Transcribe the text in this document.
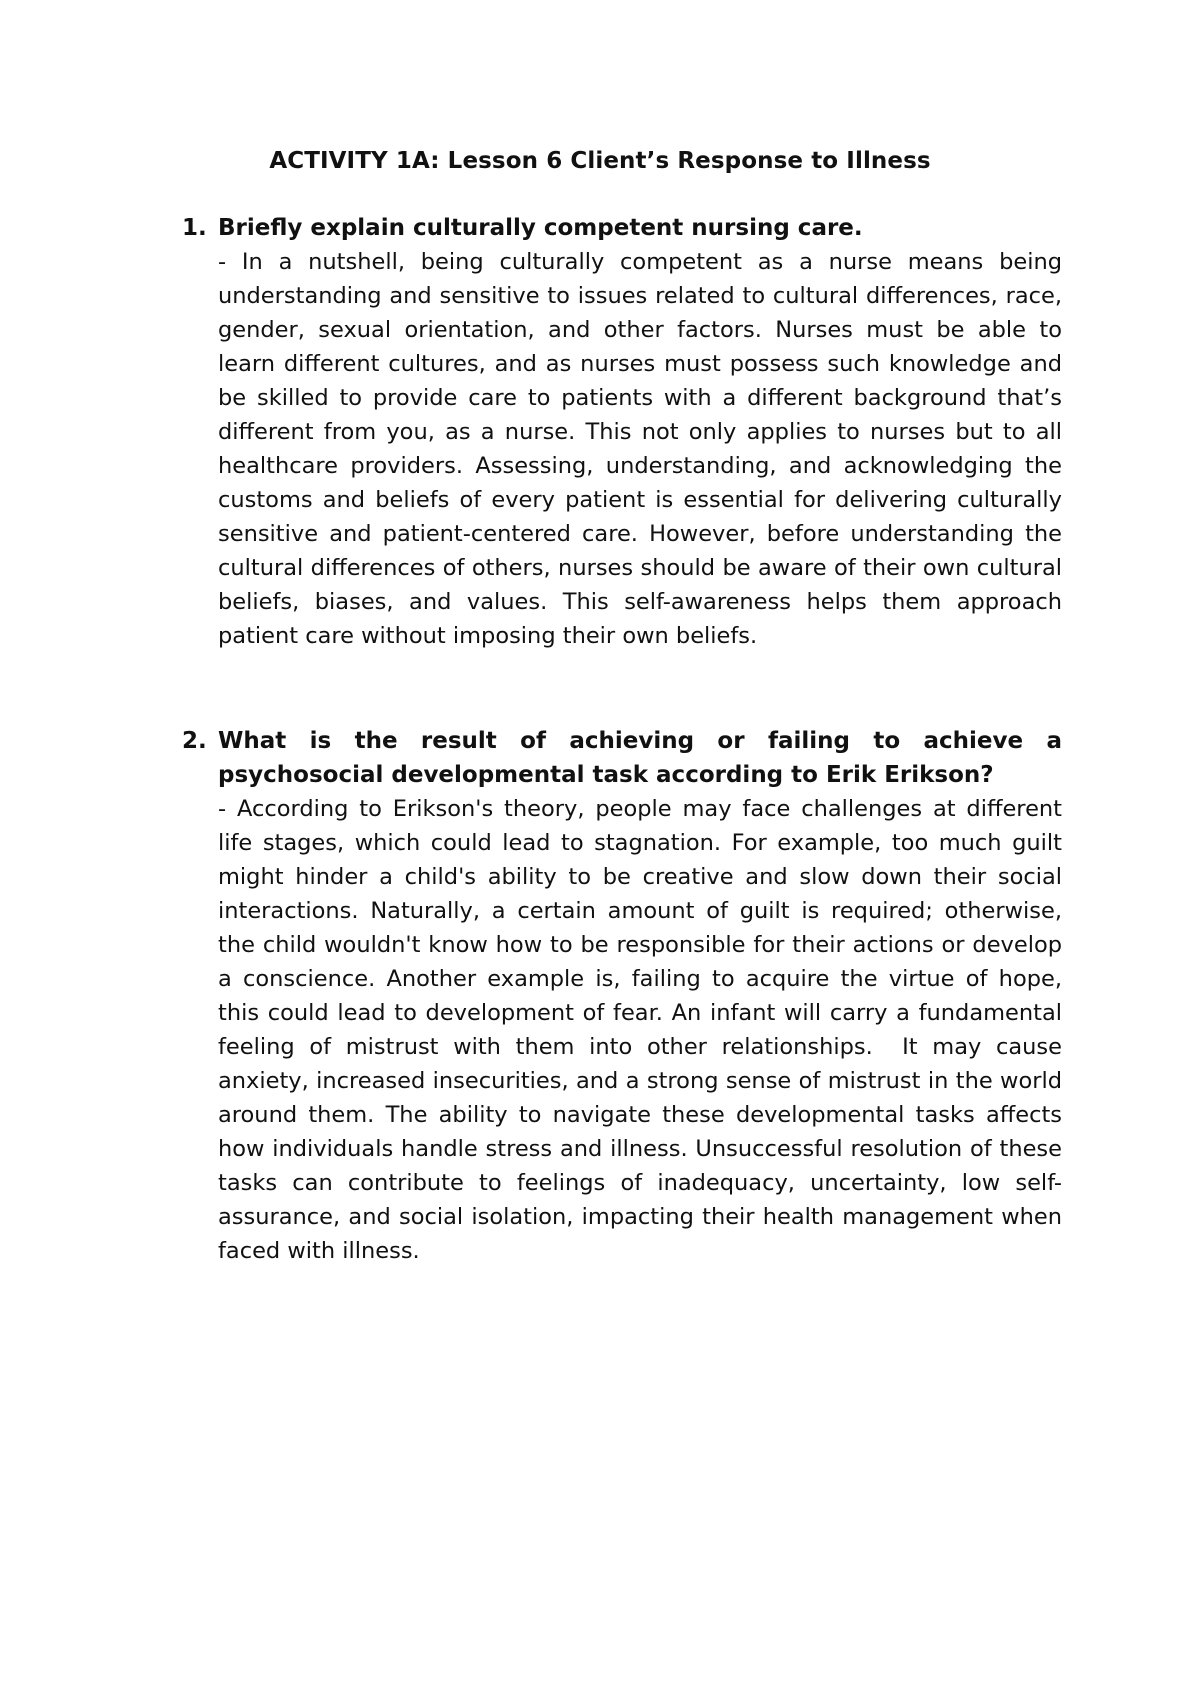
ACTIVITY 1A: Lesson 6 Client’s Response to Illness
1. Briefly explain culturally competent nursing care.

- In a nutshell, being culturally competent as a nurse means being understanding and sensitive to issues related to cultural differences, race, gender, sexual orientation, and other factors. Nurses must be able to learn different cultures, and as nurses must possess such knowledge and be skilled to provide care to patients with a different background that’s different from you, as a nurse. This not only applies to nurses but to all healthcare providers. Assessing, understanding, and acknowledging the customs and beliefs of every patient is essential for delivering culturally sensitive and patient-centered care. However, before understanding the cultural differences of others, nurses should be aware of their own cultural beliefs, biases, and values. This self-awareness helps them approach patient care without imposing their own beliefs.

2. What is the result of achieving or failing to achieve a psychosocial developmental task according to Erik Erikson?

- According to Erikson's theory, people may face challenges at different life stages, which could lead to stagnation. For example, too much guilt might hinder a child's ability to be creative and slow down their social interactions. Naturally, a certain amount of guilt is required; otherwise, the child wouldn't know how to be responsible for their actions or develop a conscience. Another example is, failing to acquire the virtue of hope, this could lead to development of fear. An infant will carry a fundamental feeling of mistrust with them into other relationships.  It may cause anxiety, increased insecurities, and a strong sense of mistrust in the world around them. The ability to navigate these developmental tasks affects how individuals handle stress and illness. Unsuccessful resolution of these tasks can contribute to feelings of inadequacy, uncertainty, low self-assurance, and social isolation, impacting their health management when faced with illness.
